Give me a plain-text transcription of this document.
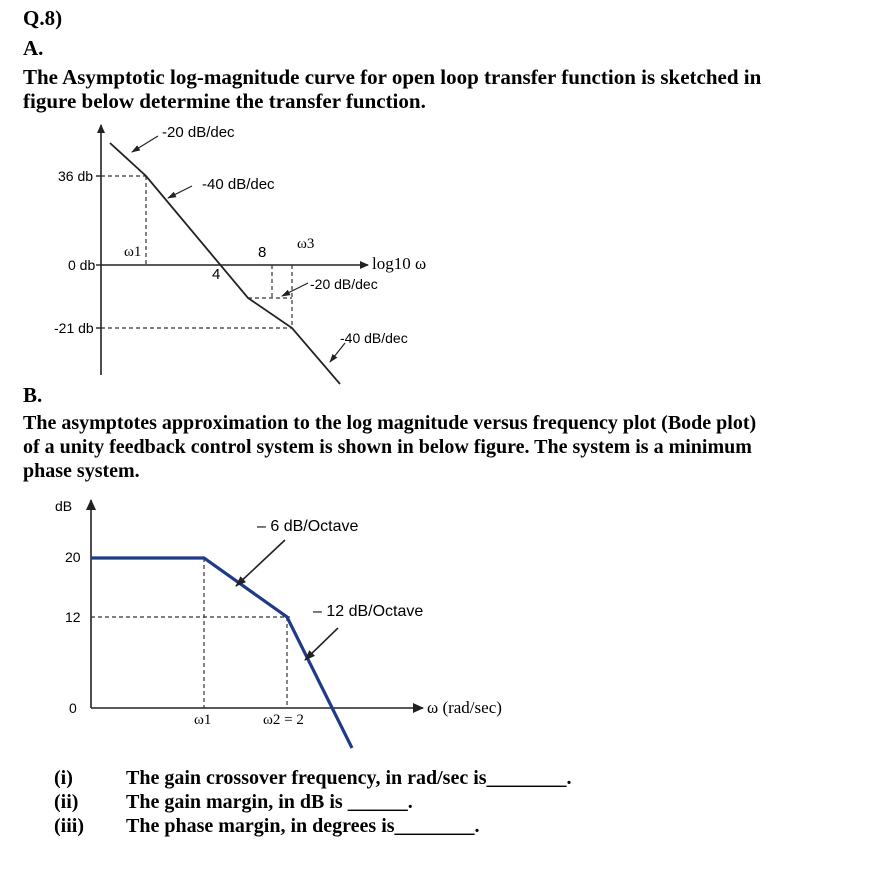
Q.8)
A.
The Asymptotic log-magnitude curve for open loop transfer function is sketched in
figure below determine the transfer function.
-20 dB/dec
-40 dB/dec
-20 dB/dec
-40 dB/dec
36 db
0 db
-21 db
ω1	ω3
8
4
log10 ω
B.
The asymptotes approximation to the log magnitude versus frequency plot (Bode plot)
of a unity feedback control system is shown in below figure. The system is a minimum
phase system.
dB
20
12
0
– 6 dB/Octave
– 12 dB/Octave
ω1	ω2 = 2
ω (rad/sec)
(i)	The gain crossover frequency, in rad/sec is________.
(ii) The gain margin, in dB is ______.
(iii) The phase margin, in degrees is________.
